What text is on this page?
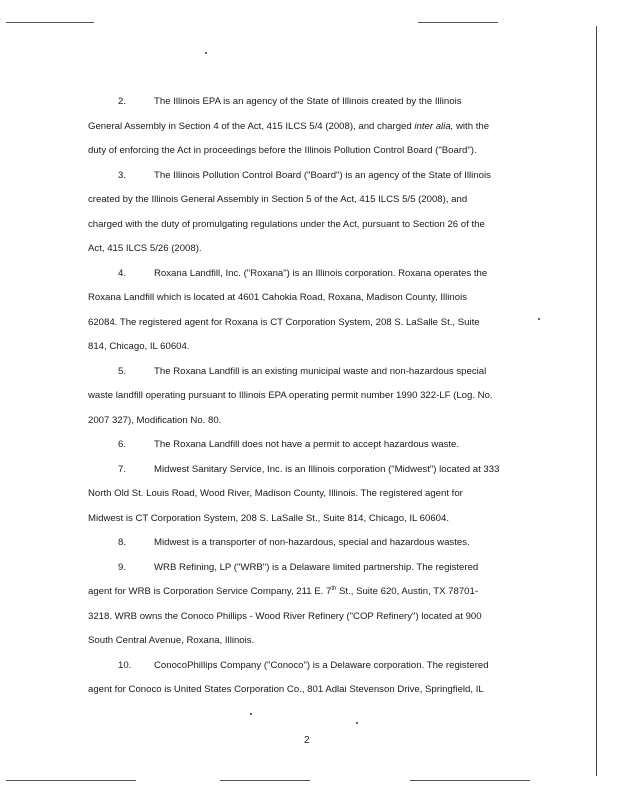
2.	The Illinois EPA is an agency of the State of Illinois created by the Illinois
General Assembly in Section 4 of the Act, 415 ILCS 5/4 (2008), and charged inter alia, with the
duty of enforcing the Act in proceedings before the Illinois Pollution Control Board ("Board").
3.	The Illinois Pollution Control Board ("Board") is an agency of the State of Illinois
created by the Illinois General Assembly in Section 5 of the Act, 415 ILCS 5/5 (2008), and
charged with the duty of promulgating regulations under the Act, pursuant to Section 26 of the
Act, 415 ILCS 5/26 (2008).
4.	Roxana Landfill, Inc. ("Roxana") is an Illinois corporation. Roxana operates the
Roxana Landfill which is located at 4601 Cahokia Road, Roxana, Madison County, Illinois
62084. The registered agent for Roxana is CT Corporation System, 208 S. LaSalle St., Suite
814, Chicago, IL 60604.
5.	The Roxana Landfill is an existing municipal waste and non-hazardous special
waste landfill operating pursuant to Illinois EPA operating permit number 1990 322-LF (Log. No.
2007 327), Modification No. 80.
6.	The Roxana Landfill does not have a permit to accept hazardous waste.
7.	Midwest Sanitary Service, Inc. is an Illinois corporation ("Midwest") located at 333
North Old St. Louis Road, Wood River, Madison County, Illinois. The registered agent for
Midwest is CT Corporation System, 208 S. LaSalle St., Suite 814, Chicago, IL 60604.
8.	Midwest is a transporter of non-hazardous, special and hazardous wastes.
9.	WRB Refining, LP ("WRB") is a Delaware limited partnership. The registered
agent for WRB is Corporation Service Company, 211 E. 7th St., Suite 620, Austin, TX 78701-
3218. WRB owns the Conoco Phillips - Wood River Refinery ("COP Refinery") located at 900
South Central Avenue, Roxana, Illinois.
10. ConocoPhillips Company ("Conoco") is a Delaware corporation. The registered
agent for Conoco is United States Corporation Co., 801 Adlai Stevenson Drive, Springfield, IL
2
